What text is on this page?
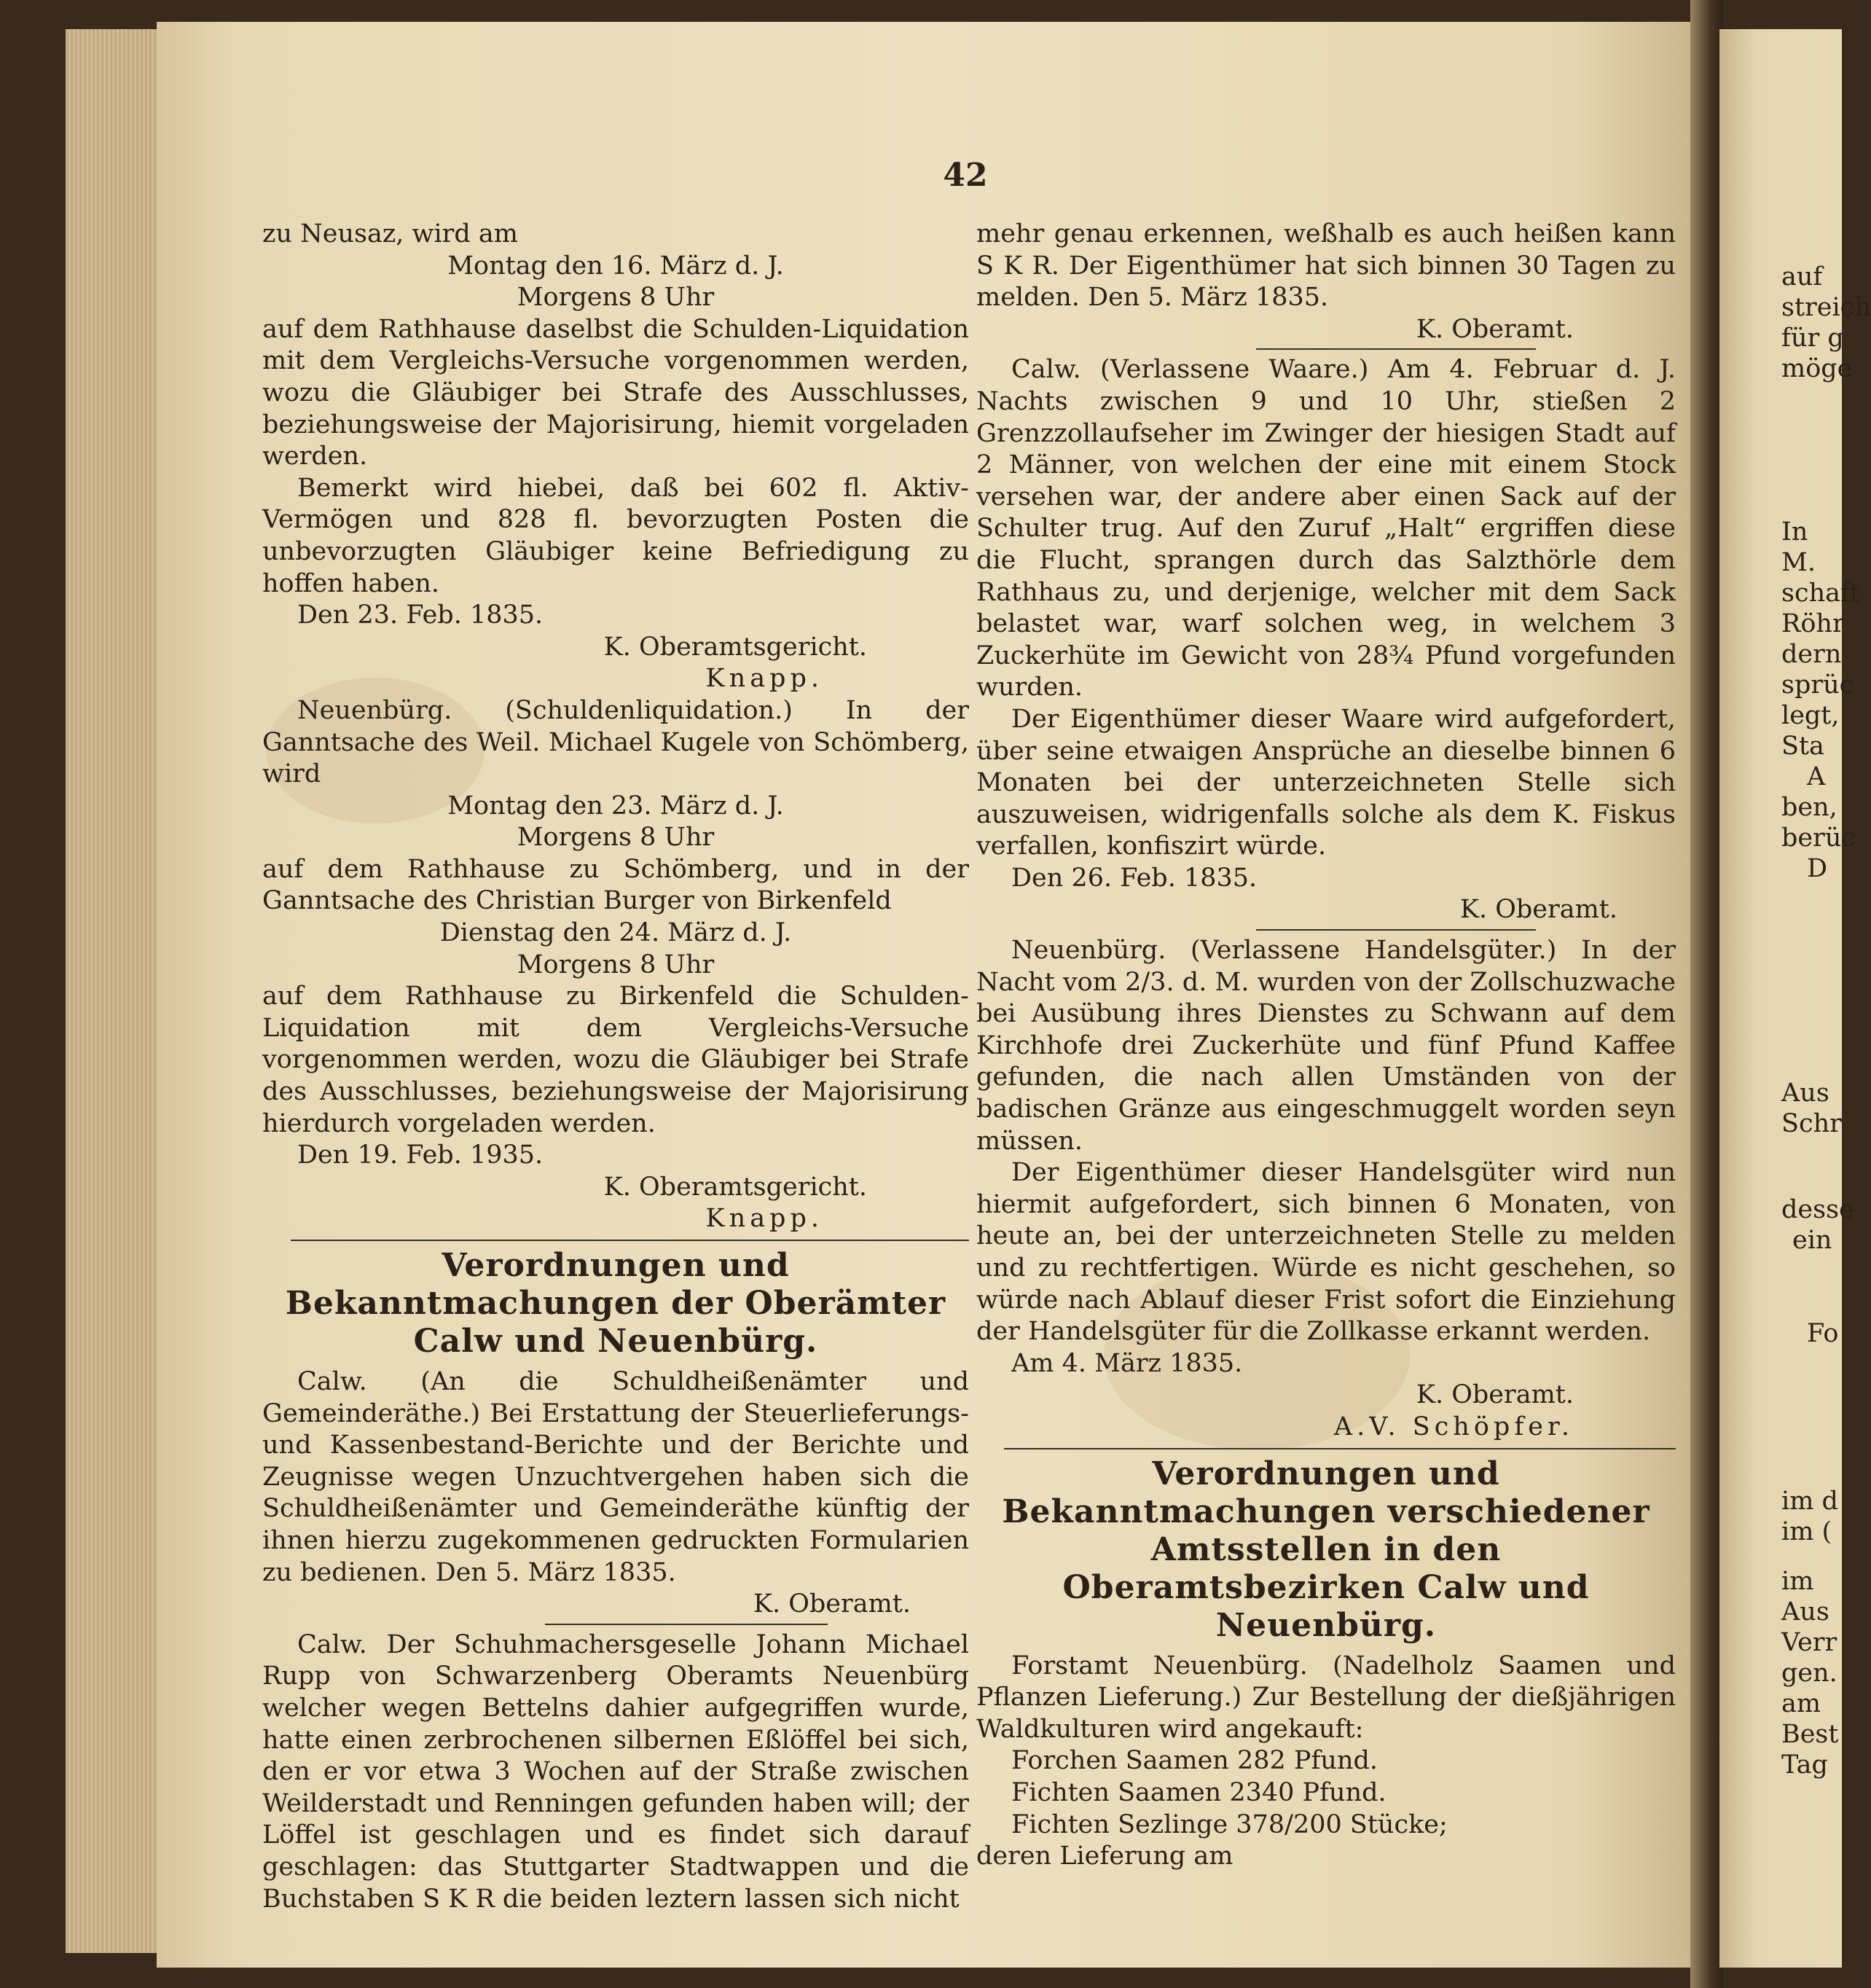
auf
streich
für g
möge
In
M.
schaft
Röhr
dern
sprüc
legt,
Sta
A
ben,
berüc
D
Aus
Schr
desse
ein
Fo
im d
im (
im
Aus
Verr
gen.
am
Best
Tag
42

zu Neusaz, wird am

Montag den 16. März d. J.

Morgens 8 Uhr

auf dem Rathhause daselbst die Schulden-Liquidation mit dem Vergleichs-Versuche vorgenommen werden, wozu die Gläubiger bei Strafe des Ausschlusses, beziehungsweise der Majorisirung, hiemit vorgeladen werden.

Bemerkt wird hiebei, daß bei 602 fl. Aktiv-Vermögen und 828 fl. bevorzugten Posten die unbevorzugten Gläubiger keine Befriedigung zu hoffen haben.

Den 23. Feb. 1835.

K. Oberamtsgericht.

Knapp.

Neuenbürg. (Schuldenliquidation.) In der Ganntsache des Weil. Michael Kugele von Schömberg, wird

Montag den 23. März d. J.

Morgens 8 Uhr

auf dem Rathhause zu Schömberg, und in der Ganntsache des Christian Burger von Birkenfeld

Dienstag den 24. März d. J.

Morgens 8 Uhr

auf dem Rathhause zu Birkenfeld die Schulden-Liquidation mit dem Vergleichs-Versuche vorgenommen werden, wozu die Gläubiger bei Strafe des Ausschlusses, beziehungsweise der Majorisirung hierdurch vorgeladen werden.

Den 19. Feb. 1935.

K. Oberamtsgericht.

Knapp.

Verordnungen und Bekanntmachungen der Oberämter Calw und Neuenbürg.

Calw. (An die Schuldheißenämter und Gemeinderäthe.) Bei Erstattung der Steuerlieferungs- und Kassenbestand-Berichte und der Berichte und Zeugnisse wegen Unzuchtvergehen haben sich die Schuldheißenämter und Gemeinderäthe künftig der ihnen hierzu zugekommenen gedruckten Formularien zu bedienen. Den 5. März 1835.

K. Oberamt.

Calw. Der Schuhmachersgeselle Johann Michael Rupp von Schwarzenberg Oberamts Neuenbürg welcher wegen Bettelns dahier aufgegriffen wurde, hatte einen zerbrochenen silbernen Eßlöffel bei sich, den er vor etwa 3 Wochen auf der Straße zwischen Weilderstadt und Renningen gefunden haben will; der Löffel ist geschlagen und es findet sich darauf geschlagen: das Stuttgarter Stadtwappen und die Buchstaben S K R die beiden leztern lassen sich nicht

mehr genau erkennen, weßhalb es auch heißen kann S K R. Der Eigenthümer hat sich binnen 30 Tagen zu melden. Den 5. März 1835.

K. Oberamt.

Calw. (Verlassene Waare.) Am 4. Februar d. J. Nachts zwischen 9 und 10 Uhr, stießen 2 Grenzzollaufseher im Zwinger der hiesigen Stadt auf 2 Männer, von welchen der eine mit einem Stock versehen war, der andere aber einen Sack auf der Schulter trug. Auf den Zuruf „Halt“ ergriffen diese die Flucht, sprangen durch das Salzthörle dem Rathhaus zu, und derjenige, welcher mit dem Sack belastet war, warf solchen weg, in welchem 3 Zuckerhüte im Gewicht von 28¾ Pfund vorgefunden wurden.

Der Eigenthümer dieser Waare wird aufgefordert, über seine etwaigen Ansprüche an dieselbe binnen 6 Monaten bei der unterzeichneten Stelle sich auszuweisen, widrigenfalls solche als dem K. Fiskus verfallen, konfiszirt würde.

Den 26. Feb. 1835.

K. Oberamt.

Neuenbürg. (Verlassene Handelsgüter.) In der Nacht vom 2/3. d. M. wurden von der Zollschuzwache bei Ausübung ihres Dienstes zu Schwann auf dem Kirchhofe drei Zuckerhüte und fünf Pfund Kaffee gefunden, die nach allen Umständen von der badischen Gränze aus eingeschmuggelt worden seyn müssen.

Der Eigenthümer dieser Handelsgüter wird nun hiermit aufgefordert, sich binnen 6 Monaten, von heute an, bei der unterzeichneten Stelle zu melden und zu rechtfertigen. Würde es nicht geschehen, so würde nach Ablauf dieser Frist sofort die Einziehung der Handelsgüter für die Zollkasse erkannt werden.

Am 4. März 1835.

K. Oberamt.

A.V. Schöpfer.

Verordnungen und Bekanntmachungen verschiedener Amtsstellen in den Oberamtsbezirken Calw und Neuenbürg.

Forstamt Neuenbürg. (Nadelholz Saamen und Pflanzen Lieferung.) Zur Bestellung der dießjährigen Waldkulturen wird angekauft:

Forchen Saamen 282 Pfund.

Fichten Saamen 2340 Pfund.

Fichten Sezlinge 378/200 Stücke;

deren Lieferung am
